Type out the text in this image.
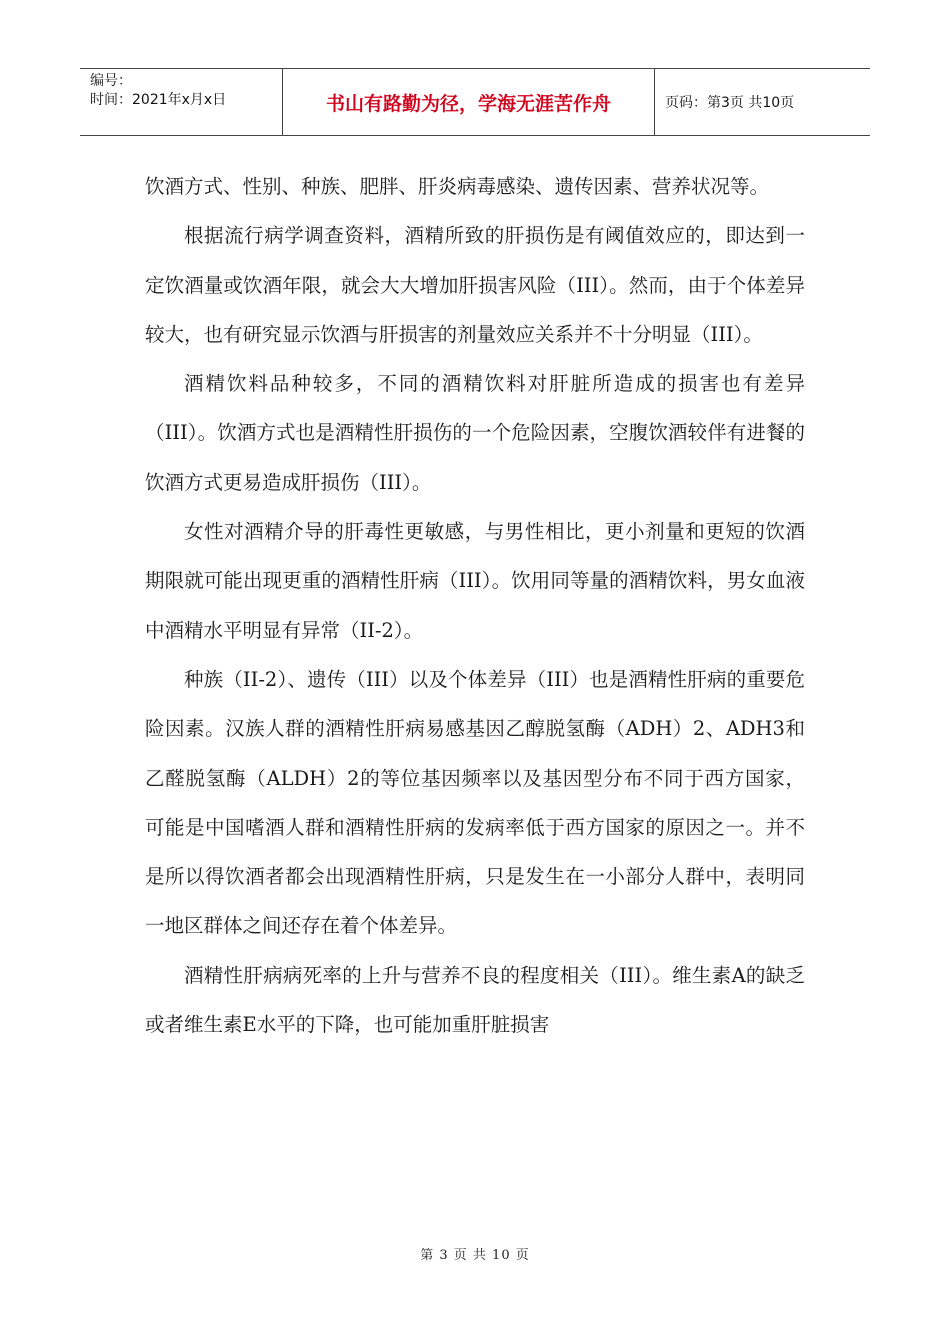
编号：
时间：2021年x月x日	书山有路勤为径，学海无涯苦作舟	页码：第3页 共10页

饮酒方式、性别、种族、肥胖、肝炎病毒感染、遗传因素、营养状况等。

根据流行病学调查资料，酒精所致的肝损伤是有阈值效应的，即达到一定饮酒量或饮酒年限，就会大大增加肝损害风险（III）。然而，由于个体差异较大，也有研究显示饮酒与肝损害的剂量效应关系并不十分明显（III）。

酒精饮料品种较多，不同的酒精饮料对肝脏所造成的损害也有差异（III）。饮酒方式也是酒精性肝损伤的一个危险因素，空腹饮酒较伴有进餐的饮酒方式更易造成肝损伤（III）。

女性对酒精介导的肝毒性更敏感，与男性相比，更小剂量和更短的饮酒期限就可能出现更重的酒精性肝病（III）。饮用同等量的酒精饮料，男女血液中酒精水平明显有异常（II-2）。

种族（II-2）、遗传（III）以及个体差异（III）也是酒精性肝病的重要危险因素。汉族人群的酒精性肝病易感基因乙醇脱氢酶（ADH）2、ADH3和乙醛脱氢酶（ALDH）2的等位基因频率以及基因型分布不同于西方国家， 可能是中国嗜酒人群和酒精性肝病的发病率低于西方国家的原因之一。并不是所以得饮酒者都会出现酒精性肝病，只是发生在一小部分人群中，表明同一地区群体之间还存在着个体差异。

酒精性肝病病死率的上升与营养不良的程度相关（III）。维生素A的缺乏或者维生素E水平的下降，也可能加重肝脏损害

第 3 页 共 10 页
